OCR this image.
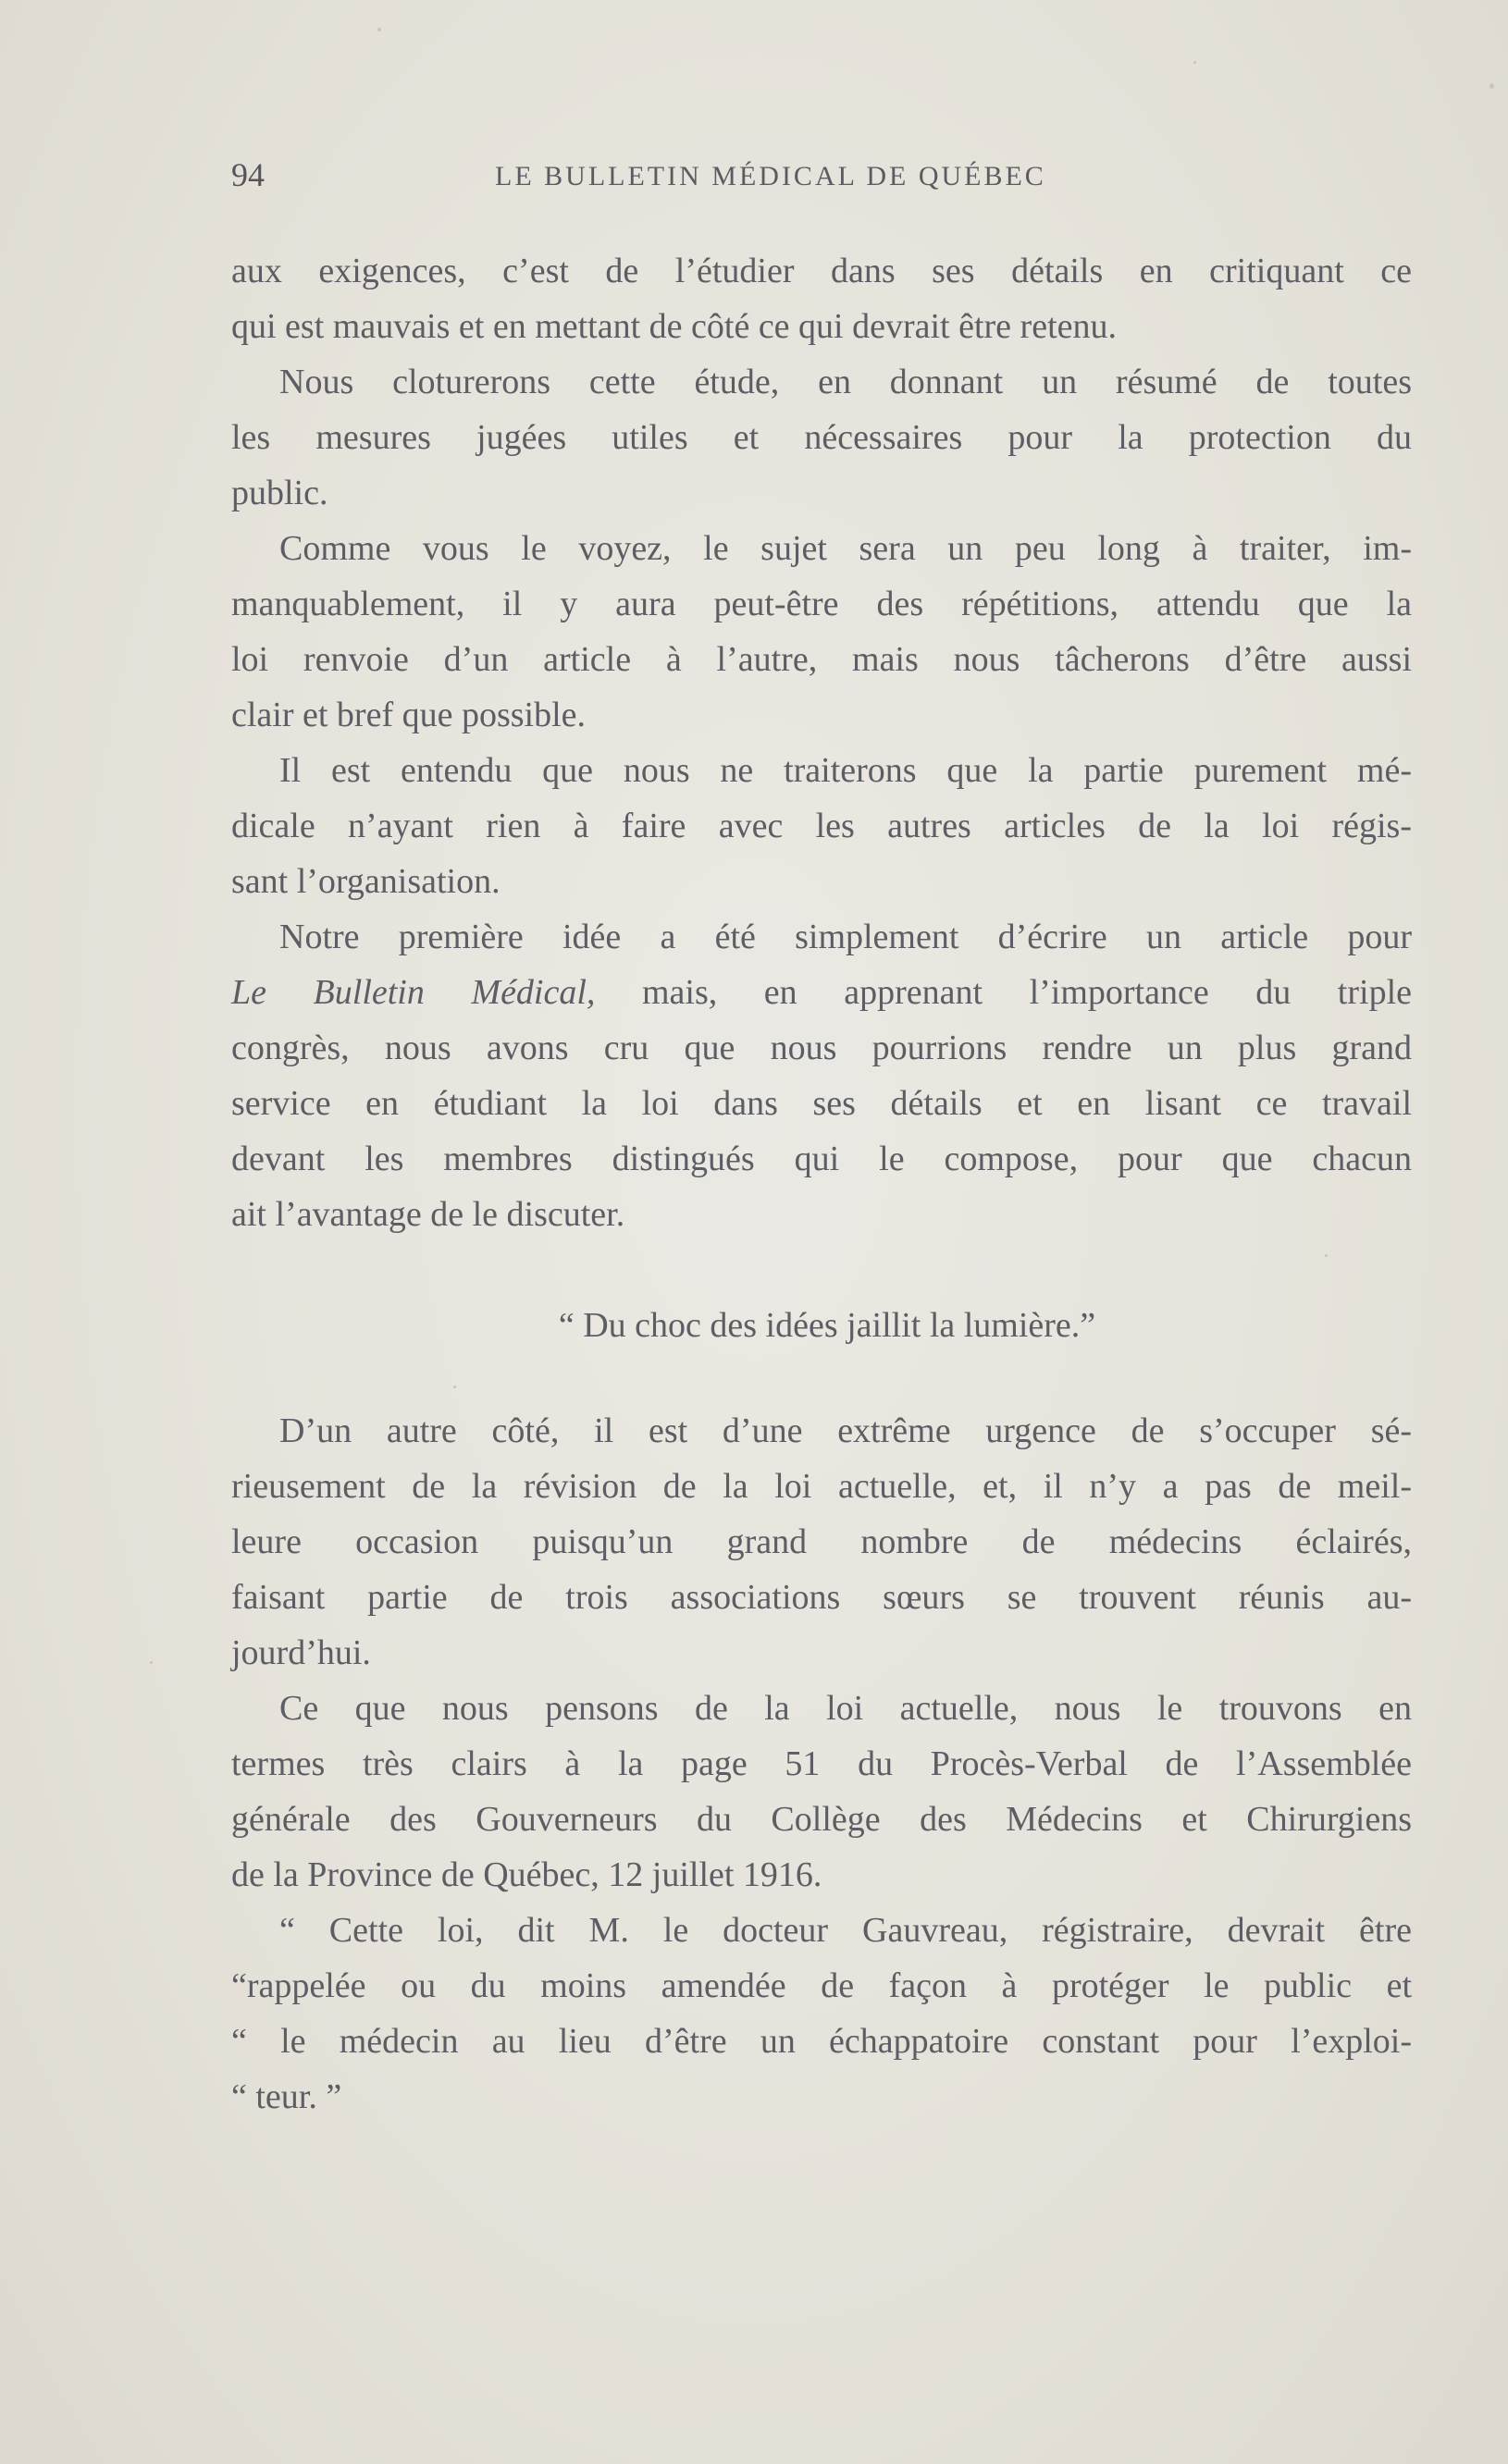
94	LE BULLETIN MÉDICAL DE QUÉBEC
aux exigences, c’est de l’étudier dans ses détails en critiquant ce
qui est mauvais et en mettant de côté ce qui devrait être retenu.
Nous cloturerons cette étude, en donnant un résumé de toutes
les mesures jugées utiles et nécessaires pour la protection du
public.
Comme vous le voyez, le sujet sera un peu long à traiter, im-
manquablement, il y aura peut-être des répétitions, attendu que la
loi renvoie d’un article à l’autre, mais nous tâcherons d’être aussi
clair et bref que possible.
Il est entendu que nous ne traiterons que la partie purement mé-
dicale n’ayant rien à faire avec les autres articles de la loi régis-
sant l’organisation.
Notre première idée a été simplement d’écrire un article pour
Le Bulletin Médical, mais, en apprenant l’importance du triple
congrès, nous avons cru que nous pourrions rendre un plus grand
service en étudiant la loi dans ses détails et en lisant ce travail
devant les membres distingués qui le compose, pour que chacun
ait l’avantage de le discuter.
“ Du choc des idées jaillit la lumière.”
D’un autre côté, il est d’une extrême urgence de s’occuper sé-
rieusement de la révision de la loi actuelle, et, il n’y a pas de meil-
leure occasion puisqu’un grand nombre de médecins éclairés,
faisant partie de trois associations sœurs se trouvent réunis au-
jourd’hui.
Ce que nous pensons de la loi actuelle, nous le trouvons en
termes très clairs à la page 51 du Procès-Verbal de l’Assemblée
générale des Gouverneurs du Collège des Médecins et Chirurgiens
de la Province de Québec, 12 juillet 1916.
“ Cette loi, dit M. le docteur Gauvreau, régistraire, devrait être
“rappelée ou du moins amendée de façon à protéger le public et
“ le médecin au lieu d’être un échappatoire constant pour l’exploi-
“ teur. ”
